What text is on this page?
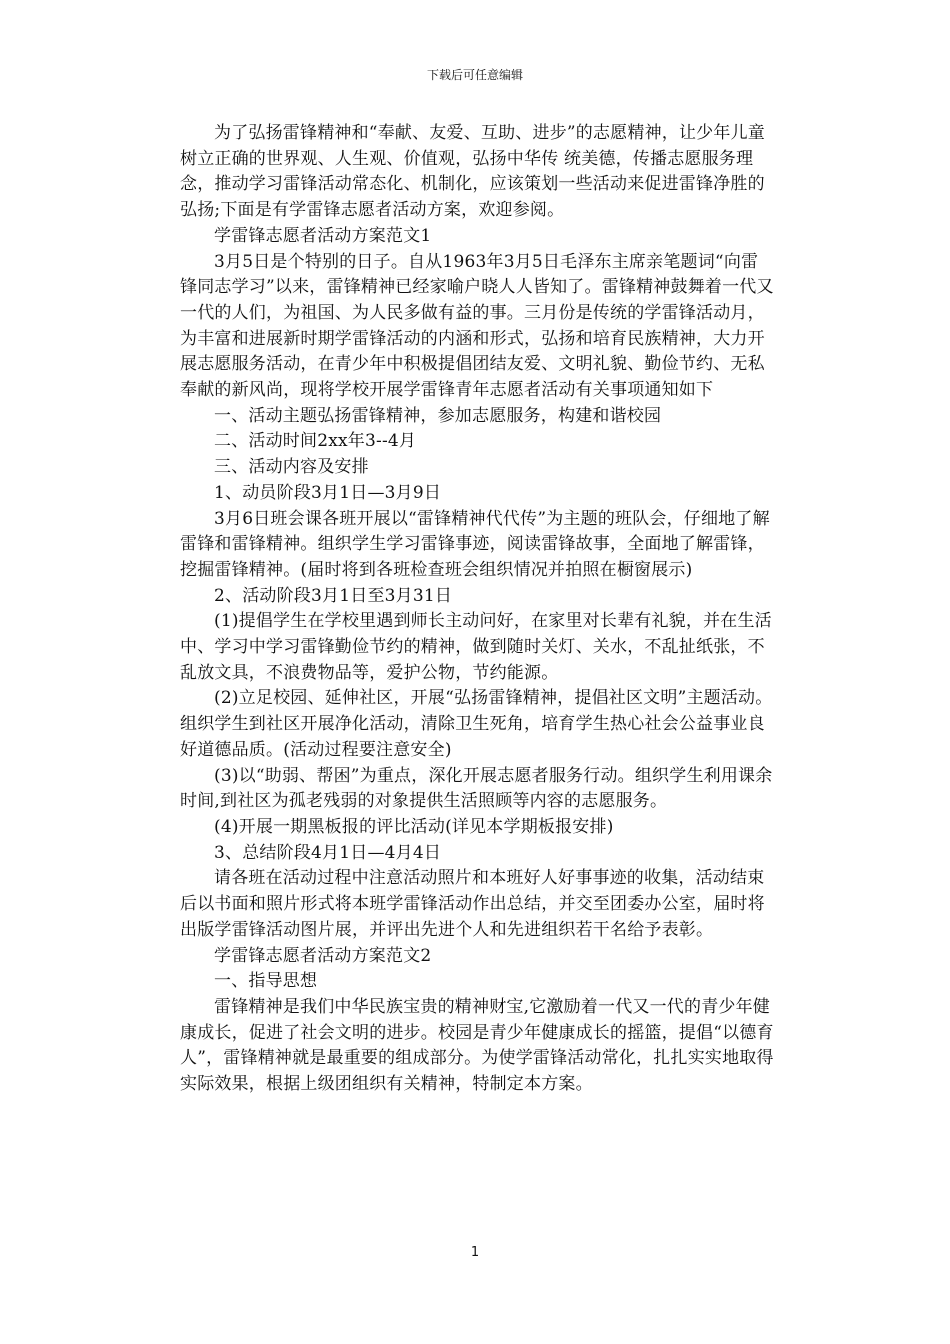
下载后可任意编辑

为了弘扬雷锋精神和“奉献、友爱、互助、进步”的志愿精神，让少年儿童树立正确的世界观、人生观、价值观，弘扬中华传 统美德，传播志愿服务理念，推动学习雷锋活动常态化、机制化，应该策划一些活动来促进雷锋净胜的弘扬;下面是有学雷锋志愿者活动方案，欢迎参阅。

学雷锋志愿者活动方案范文1

3月5日是个特别的日子。自从1963年3月5日毛泽东主席亲笔题词“向雷锋同志学习”以来，雷锋精神已经家喻户晓人人皆知了。雷锋精神鼓舞着一代又一代的人们，为祖国、为人民多做有益的事。三月份是传统的学雷锋活动月，为丰富和进展新时期学雷锋活动的内涵和形式，弘扬和培育民族精神，大力开展志愿服务活动，在青少年中积极提倡团结友爱、文明礼貌、勤俭节约、无私奉献的新风尚，现将学校开展学雷锋青年志愿者活动有关事项通知如下

一、活动主题弘扬雷锋精神，参加志愿服务，构建和谐校园

二、活动时间2xx年3--4月

三、活动内容及安排

1、动员阶段3月1日—3月9日

3月6日班会课各班开展以“雷锋精神代代传”为主题的班队会，仔细地了解雷锋和雷锋精神。组织学生学习雷锋事迹，阅读雷锋故事，全面地了解雷锋，挖掘雷锋精神。(届时将到各班检查班会组织情况并拍照在橱窗展示)

2、活动阶段3月1日至3月31日

(1)提倡学生在学校里遇到师长主动问好，在家里对长辈有礼貌，并在生活中、学习中学习雷锋勤俭节约的精神，做到随时关灯、关水，不乱扯纸张，不乱放文具，不浪费物品等，爱护公物，节约能源。

(2)立足校园、延伸社区，开展“弘扬雷锋精神，提倡社区文明”主题活动。组织学生到社区开展净化活动，清除卫生死角，培育学生热心社会公益事业良好道德品质。(活动过程要注意安全)

(3)以“助弱、帮困”为重点，深化开展志愿者服务行动。组织学生利用课余时间,到社区为孤老残弱的对象提供生活照顾等内容的志愿服务。

(4)开展一期黑板报的评比活动(详见本学期板报安排)

3、总结阶段4月1日—4月4日

请各班在活动过程中注意活动照片和本班好人好事事迹的收集，活动结束后以书面和照片形式将本班学雷锋活动作出总结，并交至团委办公室，届时将出版学雷锋活动图片展，并评出先进个人和先进组织若干名给予表彰。

学雷锋志愿者活动方案范文2

一、指导思想

雷锋精神是我们中华民族宝贵的精神财宝,它激励着一代又一代的青少年健康成长，促进了社会文明的进步。校园是青少年健康成长的摇篮，提倡“以德育人”，雷锋精神就是最重要的组成部分。为使学雷锋活动常化，扎扎实实地取得实际效果，根据上级团组织有关精神，特制定本方案。

1
